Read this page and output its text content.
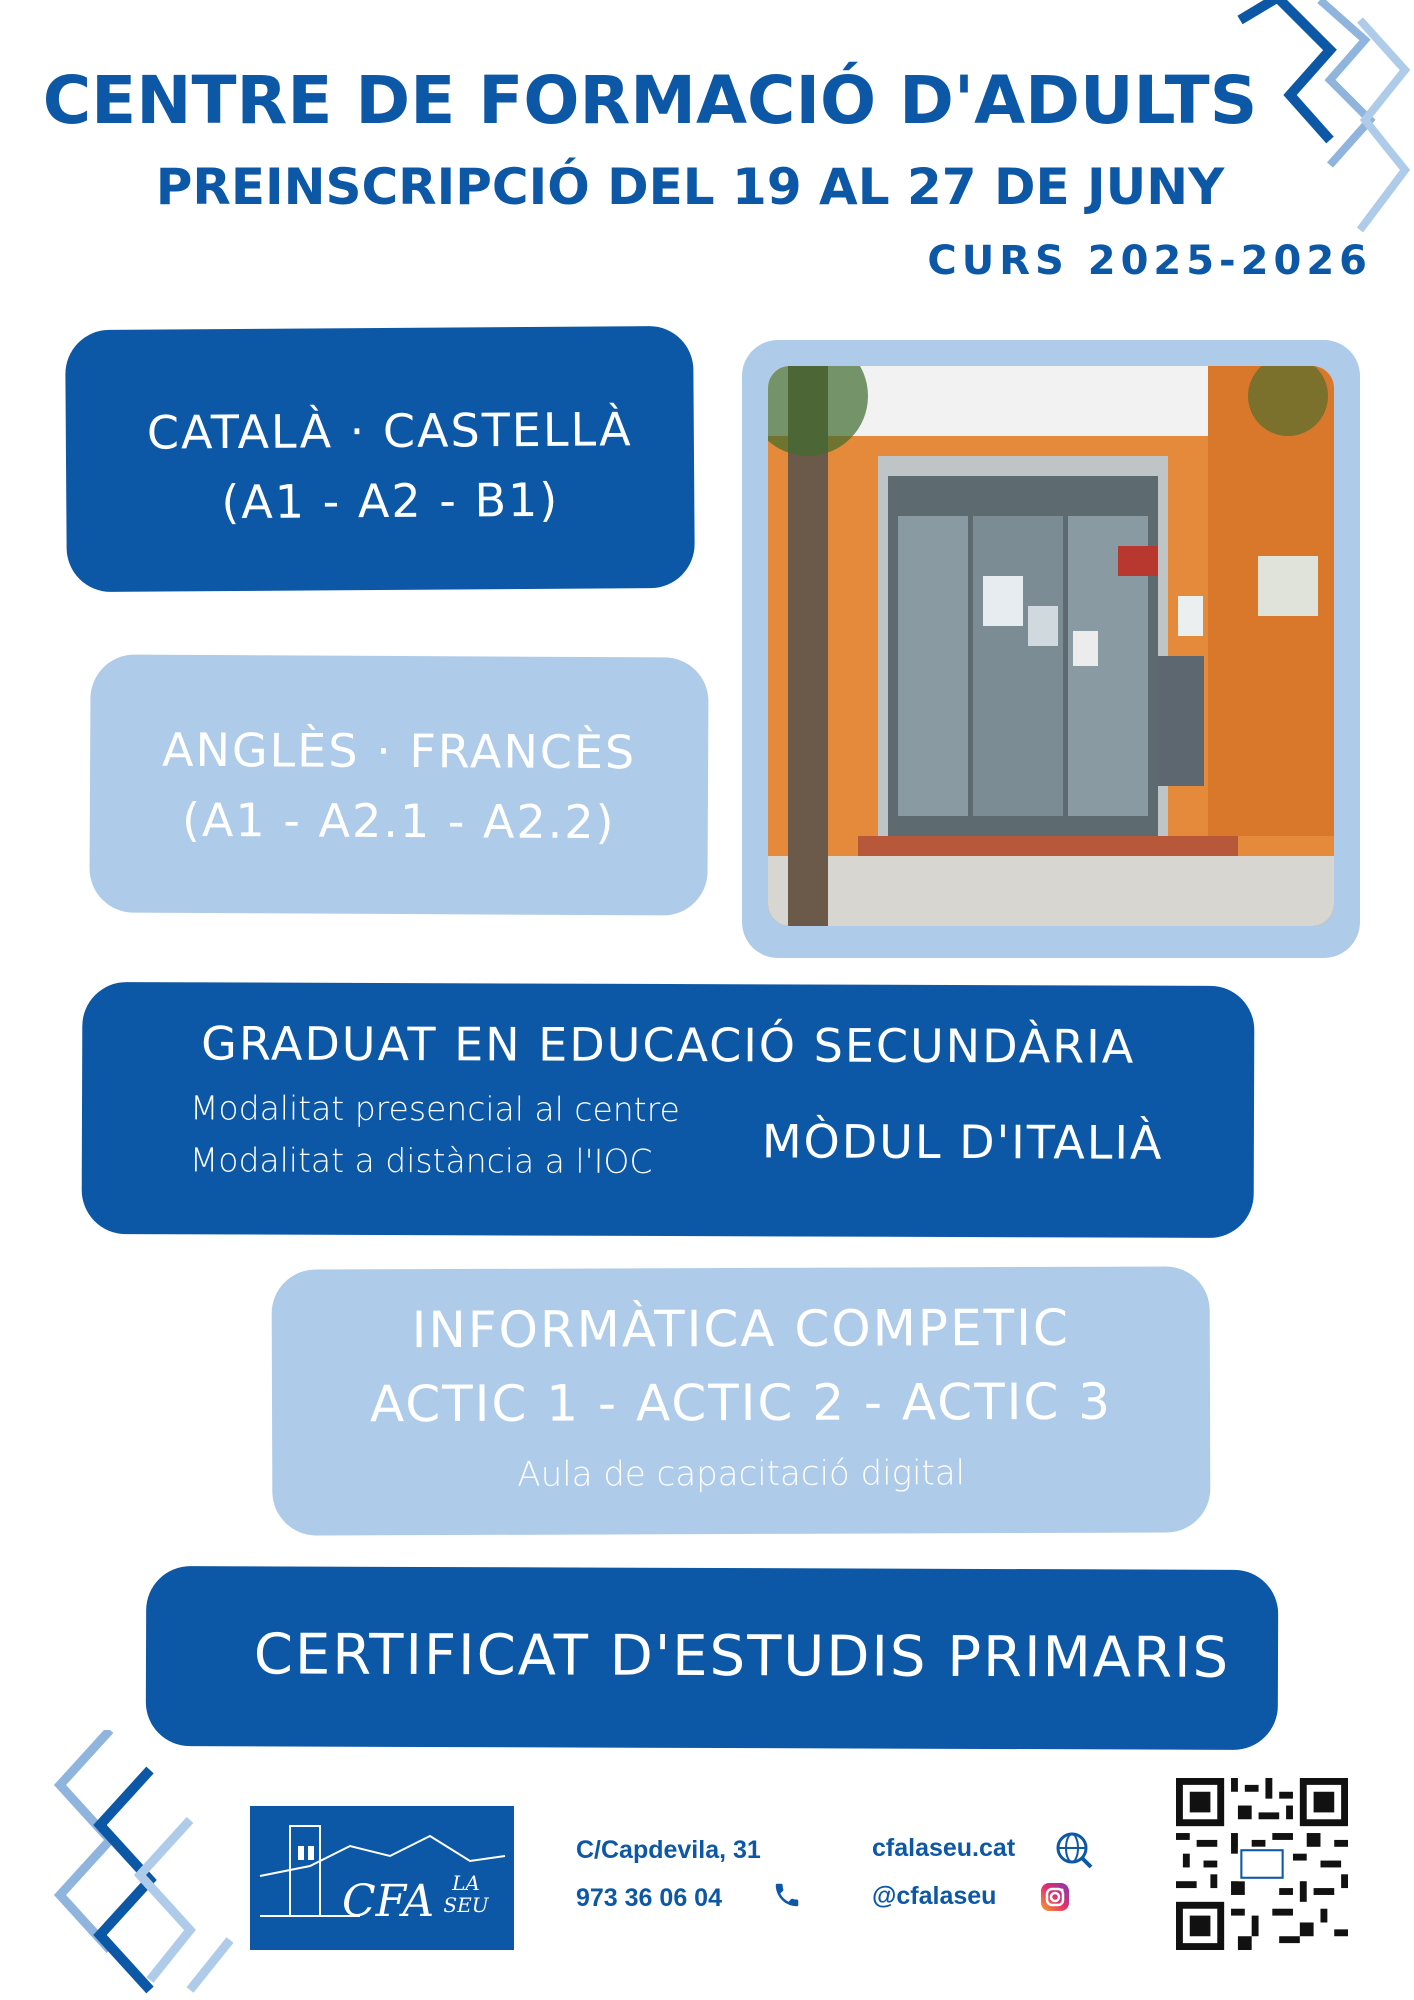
CENTRE DE FORMACIÓ D'ADULTS
PREINSCRIPCIÓ DEL 19 AL 27 DE JUNY
CURS 2025-2026
CATALÀ · CASTELLÀ
(A1 - A2 - B1)
ANGLÈS · FRANCÈS
(A1 - A2.1 - A2.2)
GRADUAT EN EDUCACIÓ SECUNDÀRIA
Modalitat presencial al centre
Modalitat a distància a l'IOC MÒDUL D'ITALIÀ
INFORMÀTICA COMPETIC
ACTIC 1 - ACTIC 2 - ACTIC 3
Aula de capacitació digital
CERTIFICAT D'ESTUDIS PRIMARIS
CFA LA SEU
C/Capdevila, 31
973 36 06 04
cfalaseu.cat
@cfalaseu
